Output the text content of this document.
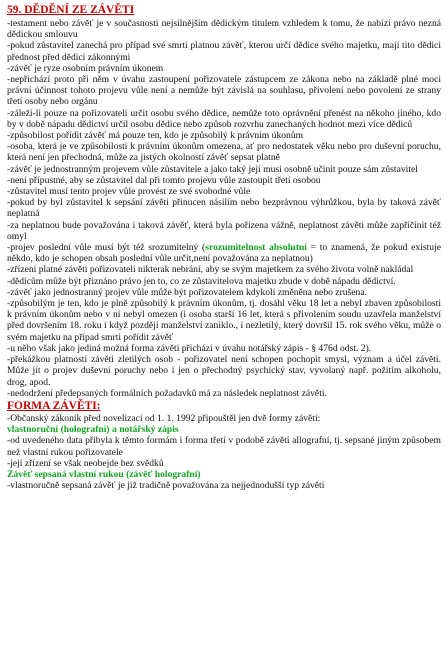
59. DĚDĚNÍ ZE ZÁVĚTI

-testament nebo závěť je v současnosti nejsilnějším dědickým titulem vzhledem k tomu, že nabízí právo nezná dědickou smlouvu

-pokud zůstavitel zanechá pro případ své smrti platnou závěť, kterou určí dědice svého majetku, mají tito dědici přednost před dědici zákonnými

-závěť je ryze osobním právním úkonem

-nepřichází proto při něm v úvahu zastoupení pořizovatele zástupcem ze zákona nebo na základě plné moci právní účinnost tohoto projevu vůle není a nemůže být závislá na souhlasu, přivolení nebo povolení ze strany třetí osoby nebo orgánu

-záleží-li pouze na pořizovateli určit osobu svého dědice, nemůže toto oprávnění přenést na někoho jiného, kdo by v době nápadu dědictví určil osobu dědice nebo způsob rozvrhu zanechaných hodnot mezi více dědiců

-způsobilost pořídit závěť má pouze ten, kdo je způsobilý k právním úkonům

-osoba, která je ve způsobilosti k právním úkonům omezena, ať pro nedostatek věku nebo pro duševní poruchu, která není jen přechodná, může za jistých okolností závěť sepsat platně

-závěť je jednostranným projevem vůle zůstavitele a jako taký její musí osobně učinit pouze sám zůstavitel

-není přípustné, aby se zůstavitel dal při tomto projevu vůle zastoupit třetí osobou

-zůstavitel musí tento projev vůle provést ze své svobodné vůle

-pokud by byl zůstavitel k sepsání závěti přinucen násilím nebo bezprávnou výhrůžkou, byla by taková závěť neplatná

-za neplatnou bude považována i taková závěť, která byla pořízena vážně, neplatnost závěti může zapříčinit též omyl

-projev poslední vůle musí být též srozumitelný (srozumitelnost absolutní = to znamená, že pokud existuje někdo, kdo je schopen obsah poslední vůle určit,není považována za neplatnou)

-zřízení platné závěti pořizovateli nikterak nebrání, aby se svým majetkem za svého života volně nakládal

-dědicům může být přiznáno právo jen to, co ze zůstavitelova majetku zbude v době nápadu dědictví.

-závěť jako jednostranný projev vůle může být pořizovatelem kdykoli změněna nebo zrušena.

-způsobilým je ten, kdo je plně způsobilý k právním úkonům, tj. dosáhl věku 18 let a nebyl zbaven způsobilosti k právním úkonům nebo v ní nebyl omezen (i osoba starší 16 let, která s přivolením soudu uzavřela manželství před dovršením 18. roku i když později manželství zaniklo., i nezletilý, který dovršil 15. rok svého věku, může o svém majetku na případ smrti pořídit závěť

-u něho však jako jediná možná forma závěti přichází v úvahu notářský zápis - § 476d odst. 2).

-překážkou platnosti závěti zletilých osob - pořizovatel není schopen pochopit smysl, význam a účel závěti. Může jít o projev duševní poruchy nebo i jen o přechodný psychický stav, vyvolaný např. požitím alkoholu, drog, apod.

-nedodržení předepsaných formálních požadavků má za následek neplatnost závěti.

FORMA ZÁVĚTI:

-Občanský zákonik před novelizací od 1. 1. 1992 připouštěl jen dvě formy závěti:

vlastnoruční (holografní) a notářský zápis

-od uvedeného data přibyla k těmto formám i forma třetí v podobě závěti allografní, tj. sepsané jiným způsobem než vlastní rukou pořizovatele

-její zřízení se však neobejde bez svědků

Závěť sepsaná vlastní rukou (závěť holografní)

-vlastnoručně sepsaná závěť je již tradičně považována za nejjednodušší typ závěti
